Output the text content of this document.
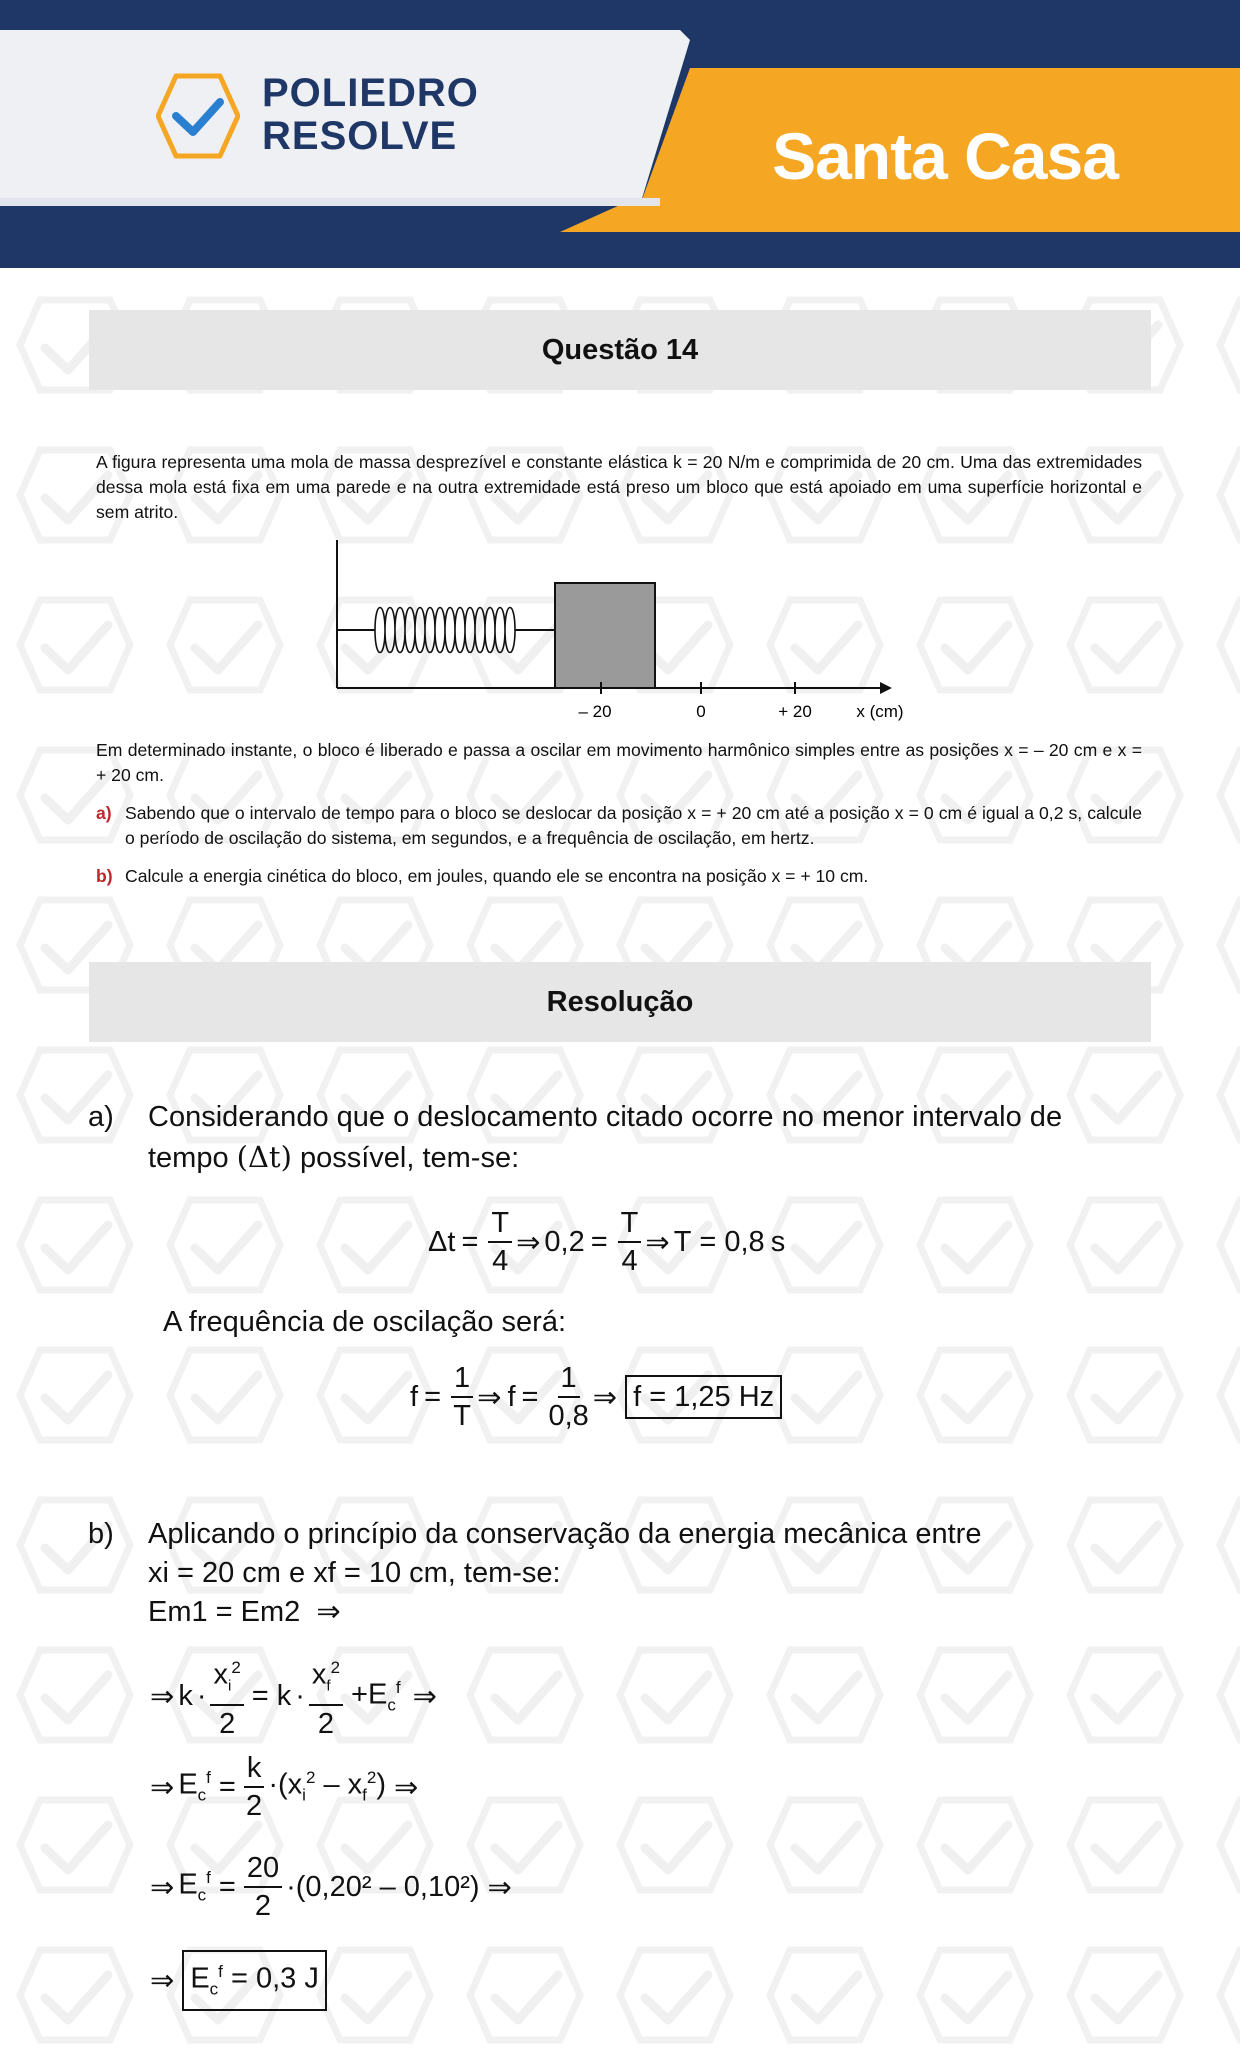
POLIEDRO
RESOLVE	Santa Casa
Questão 14
A figura representa uma mola de massa desprezível e constante elástica k = 20 N/m e comprimida de 20 cm. Uma das extremidades dessa mola está fixa em uma parede e na outra extremidade está preso um bloco que está apoiado em uma superfície horizontal e sem atrito.
– 20	0	+ 20	x (cm)
Em determinado instante, o bloco é liberado e passa a oscilar em movimento harmônico simples entre as posições x = – 20 cm e x = + 20 cm.
a) Sabendo que o intervalo de tempo para o bloco se deslocar da posição x = + 20 cm até a posição x = 0 cm é igual a 0,2 s, calcule o período de oscilação do sistema, em segundos, e a frequência de oscilação, em hertz.
b) Calcule a energia cinética do bloco, em joules, quando ele se encontra na posição x = + 10 cm.
Resolução
a) Considerando que o deslocamento citado ocorre no menor intervalo de
tempo (Δt) possível, tem-se:
$\Delta t = \frac{T}{4}$ ⇒ $0,2 = \frac{T}{4}$ ⇒ T = 0,8 s
A frequência de oscilação será:
$f = \frac{1}{T}$ ⇒ $f = \frac{1}{0,8}$ ⇒ f = 1,25 Hz
b) Aplicando o princípio da conservação da energia mecânica entre
xi = 20 cm e xf = 10 cm, tem-se:
Em1 = Em2 ⇒
⇒ $k \cdot \frac{x_i^2}{2} = k \cdot \frac{x_f^2}{2} +E_c^f$ ⇒
⇒ $E_c^f = \frac{k}{2} \cdot(x_i^2 - x_f^2)$ ⇒
⇒ $E_c^f = \frac{20}{2}$ ·( 0,20² – 0,10² ) ⇒
⇒ $E_c^f = 0,3$ J
